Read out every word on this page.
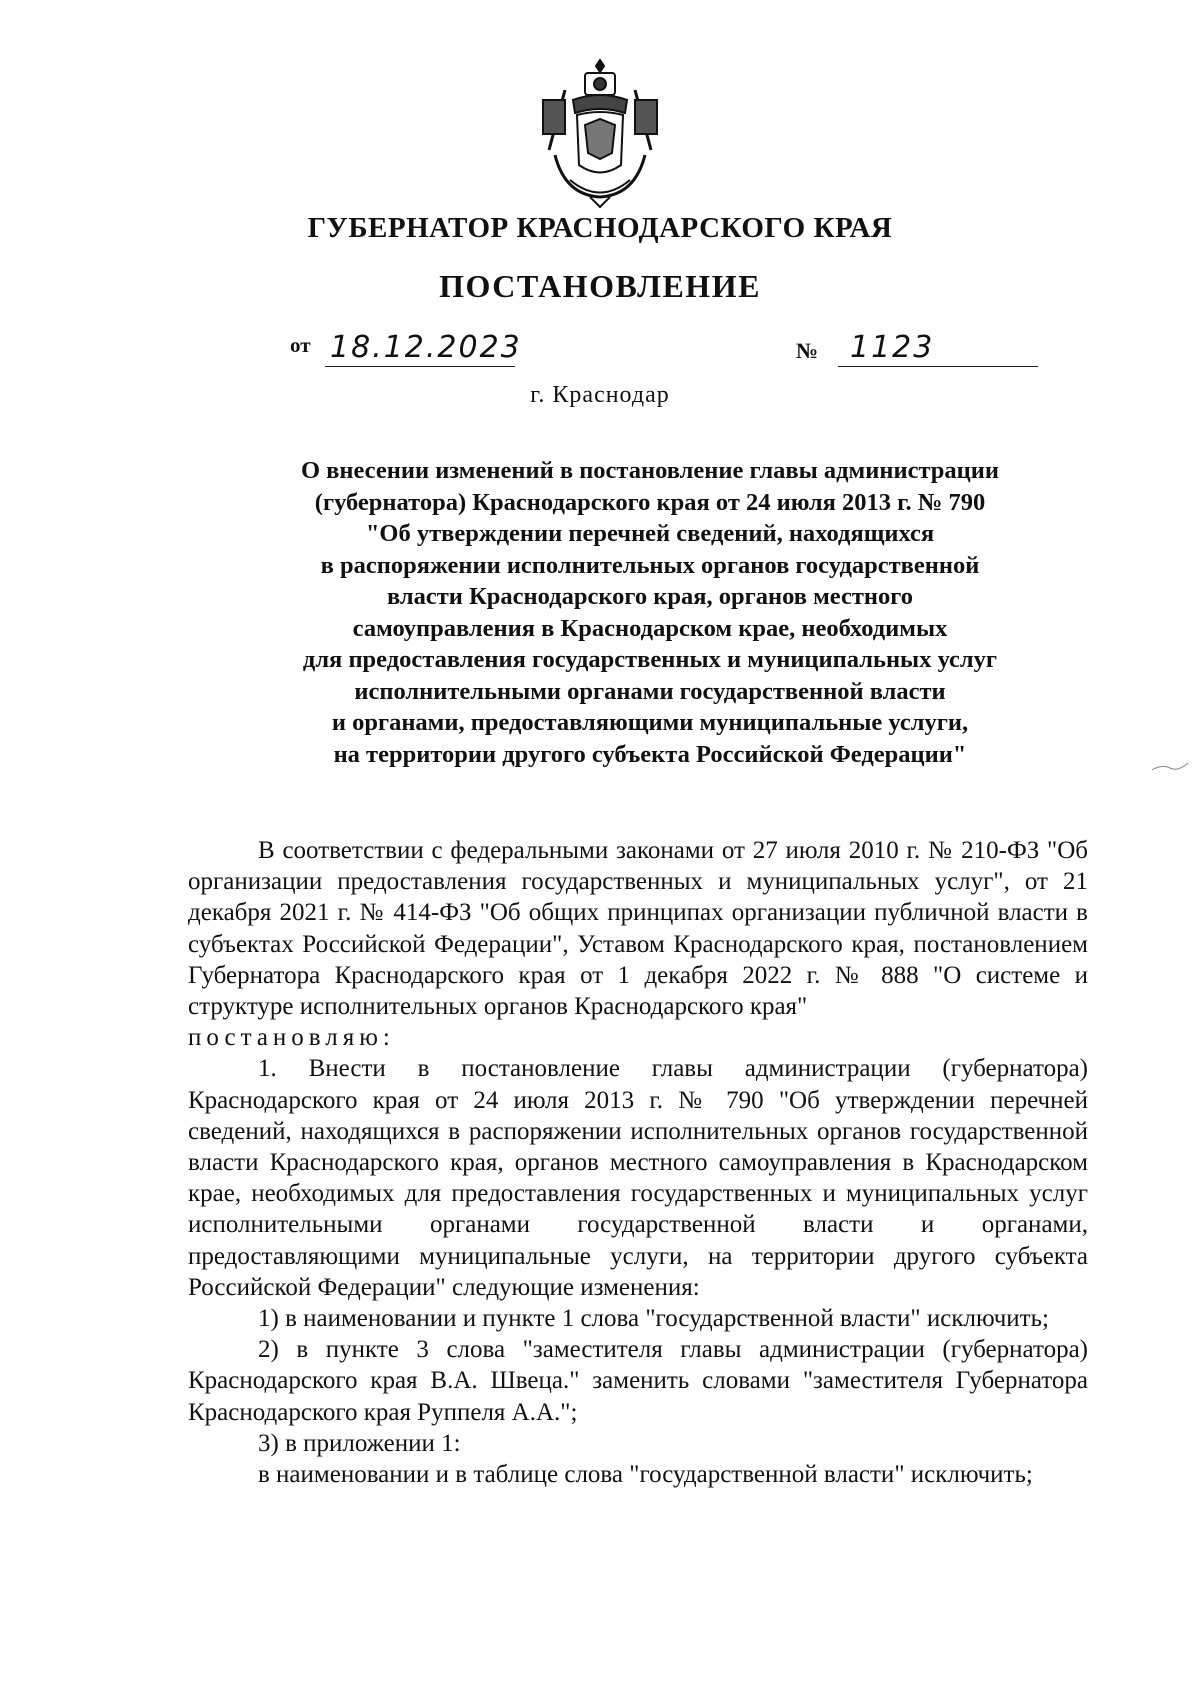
ГУБЕРНАТОР КРАСНОДАРСКОГО КРАЯ
ПОСТАНОВЛЕНИЕ
от 18.12.2023	№ 1123
г. Краснодар
О внесении изменений в постановление главы администрации
(губернатора) Краснодарского края от 24 июля 2013 г. № 790
"Об утверждении перечней сведений, находящихся
в распоряжении исполнительных органов государственной
власти Краснодарского края, органов местного
самоуправления в Краснодарском крае, необходимых
для предоставления государственных и муниципальных услуг
исполнительными органами государственной власти
и органами, предоставляющими муниципальные услуги,
на территории другого субъекта Российской Федерации"

В соответствии с федеральными законами от 27 июля 2010 г. № 210-ФЗ "Об организации предоставления государственных и муниципальных услуг", от 21 декабря 2021 г. № 414-ФЗ "Об общих принципах организации публичной власти в субъектах Российской Федерации", Уставом Краснодарского края, постановлением Губернатора Краснодарского края от 1 декабря 2022 г. № 888 "О системе и структуре исполнительных органов Краснодарского края"

постановляю:

1. Внести в постановление главы администрации (губернатора) Краснодарского края от 24 июля 2013 г. № 790 "Об утверждении перечней сведений, находящихся в распоряжении исполнительных органов государственной власти Краснодарского края, органов местного самоуправления в Краснодарском крае, необходимых для предоставления государственных и муниципальных услуг исполнительными органами государственной власти и органами, предоставляющими муниципальные услуги, на территории другого субъекта Российской Федерации" следующие изменения:

1) в наименовании и пункте 1 слова "государственной власти" исключить;

2) в пункте 3 слова "заместителя главы администрации (губернатора) Краснодарского края В.А. Швеца." заменить словами "заместителя Губернатора Краснодарского края Руппеля А.А.";

3) в приложении 1:

в наименовании и в таблице слова "государственной власти" исключить;
